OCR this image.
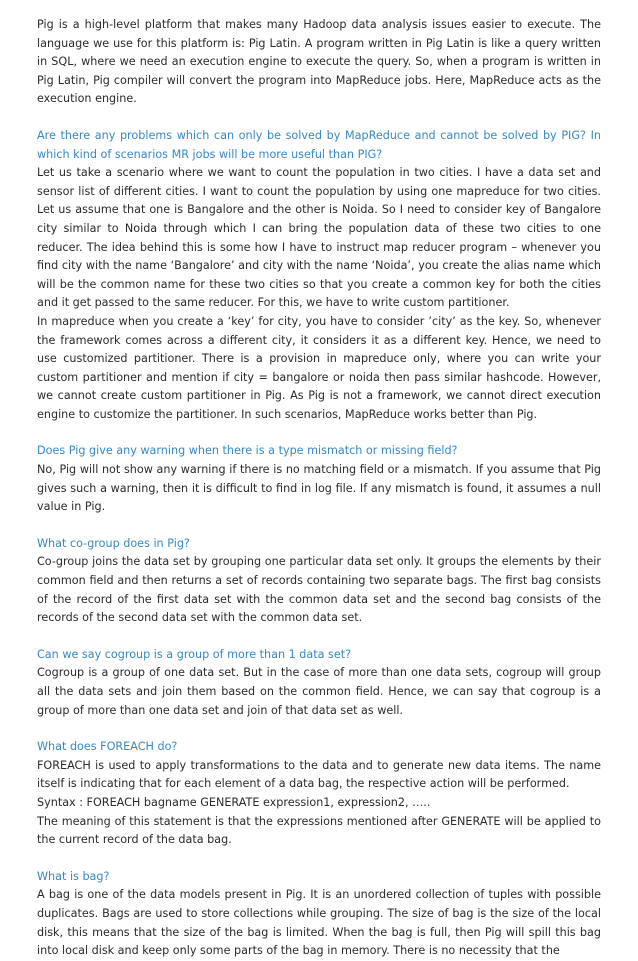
Pig is a high-level platform that makes many Hadoop data analysis issues easier to execute. The language we use for this platform is: Pig Latin. A program written in Pig Latin is like a query written in SQL, where we need an execution engine to execute the query. So, when a program is written in Pig Latin, Pig compiler will convert the program into MapReduce jobs. Here, MapReduce acts as the execution engine.

Are there any problems which can only be solved by MapReduce and cannot be solved by PIG? In which kind of scenarios MR jobs will be more useful than PIG?

Let us take a scenario where we want to count the population in two cities. I have a data set and sensor list of different cities. I want to count the population by using one mapreduce for two cities. Let us assume that one is Bangalore and the other is Noida. So I need to consider key of Bangalore city similar to Noida through which I can bring the population data of these two cities to one reducer. The idea behind this is some how I have to instruct map reducer program – whenever you find city with the name ‘Bangalore’ and city with the name ‘Noida’, you create the alias name which will be the common name for these two cities so that you create a common key for both the cities and it get passed to the same reducer. For this, we have to write custom partitioner.

In mapreduce when you create a ‘key’ for city, you have to consider ’city’ as the key. So, whenever the framework comes across a different city, it considers it as a different key. Hence, we need to use customized partitioner. There is a provision in mapreduce only, where you can write your custom partitioner and mention if city = bangalore or noida then pass similar hashcode. However, we cannot create custom partitioner in Pig. As Pig is not a framework, we cannot direct execution engine to customize the partitioner. In such scenarios, MapReduce works better than Pig.

Does Pig give any warning when there is a type mismatch or missing field?

No, Pig will not show any warning if there is no matching field or a mismatch. If you assume that Pig gives such a warning, then it is difficult to find in log file. If any mismatch is found, it assumes a null value in Pig.

What co-group does in Pig?

Co-group joins the data set by grouping one particular data set only. It groups the elements by their common field and then returns a set of records containing two separate bags. The first bag consists of the record of the first data set with the common data set and the second bag consists of the records of the second data set with the common data set.

Can we say cogroup is a group of more than 1 data set?

Cogroup is a group of one data set. But in the case of more than one data sets, cogroup will group all the data sets and join them based on the common field. Hence, we can say that cogroup is a group of more than one data set and join of that data set as well.

What does FOREACH do?

FOREACH is used to apply transformations to the data and to generate new data items. The name itself is indicating that for each element of a data bag, the respective action will be performed.

Syntax : FOREACH bagname GENERATE expression1, expression2, …..

The meaning of this statement is that the expressions mentioned after GENERATE will be applied to the current record of the data bag.

What is bag?

A bag is one of the data models present in Pig. It is an unordered collection of tuples with possible duplicates. Bags are used to store collections while grouping. The size of bag is the size of the local disk, this means that the size of the bag is limited. When the bag is full, then Pig will spill this bag into local disk and keep only some parts of the bag in memory. There is no necessity that the
